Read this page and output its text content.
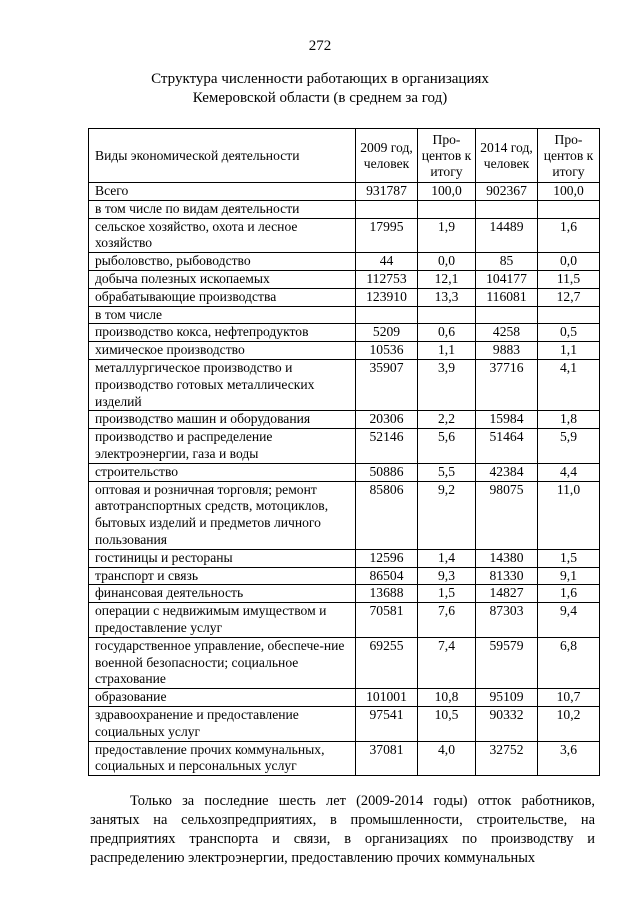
272
Структура численности работающих в организациях
Кемеровской области (в среднем за год)
Виды экономической деятельности	2009 год, человек	Про-центов к итогу	2014 год, человек	Про-центов к итогу
Всего	931787	100,0	902367	100,0
в том числе по видам деятельности				
сельское хозяйство, охота и лесное хозяйство	17995	1,9	14489	1,6
рыболовство, рыбоводство	44	0,0	85	0,0
добыча полезных ископаемых	112753	12,1	104177	11,5
обрабатывающие производства	123910	13,3	116081	12,7
в том числе				
производство кокса, нефтепродуктов	5209	0,6	4258	0,5
химическое производство	10536	1,1	9883	1,1
металлургическое производство и производство готовых металлических изделий	35907	3,9	37716	4,1
производство машин и оборудования	20306	2,2	15984	1,8
производство и распределение электроэнергии, газа и воды	52146	5,6	51464	5,9
строительство	50886	5,5	42384	4,4
оптовая и розничная торговля; ремонт автотранспортных средств, мотоциклов, бытовых изделий и предметов личного пользования	85806	9,2	98075	11,0
гостиницы и рестораны	12596	1,4	14380	1,5
транспорт и связь	86504	9,3	81330	9,1
финансовая деятельность	13688	1,5	14827	1,6
операции с недвижимым имуществом и предоставление услуг	70581	7,6	87303	9,4
государственное управление, обеспече-ние военной безопасности; социальное страхование	69255	7,4	59579	6,8
образование	101001	10,8	95109	10,7
здравоохранение и предоставление социальных услуг	97541	10,5	90332	10,2
предоставление прочих коммунальных, социальных и персональных услуг	37081	4,0	32752	3,6
Только за последние шесть лет (2009-2014 годы) отток работников, занятых на сельхозпредприятиях, в промышленности, строительстве, на предприятиях транспорта и связи, в организациях по производству и распределению электроэнергии, предоставлению прочих коммунальных
